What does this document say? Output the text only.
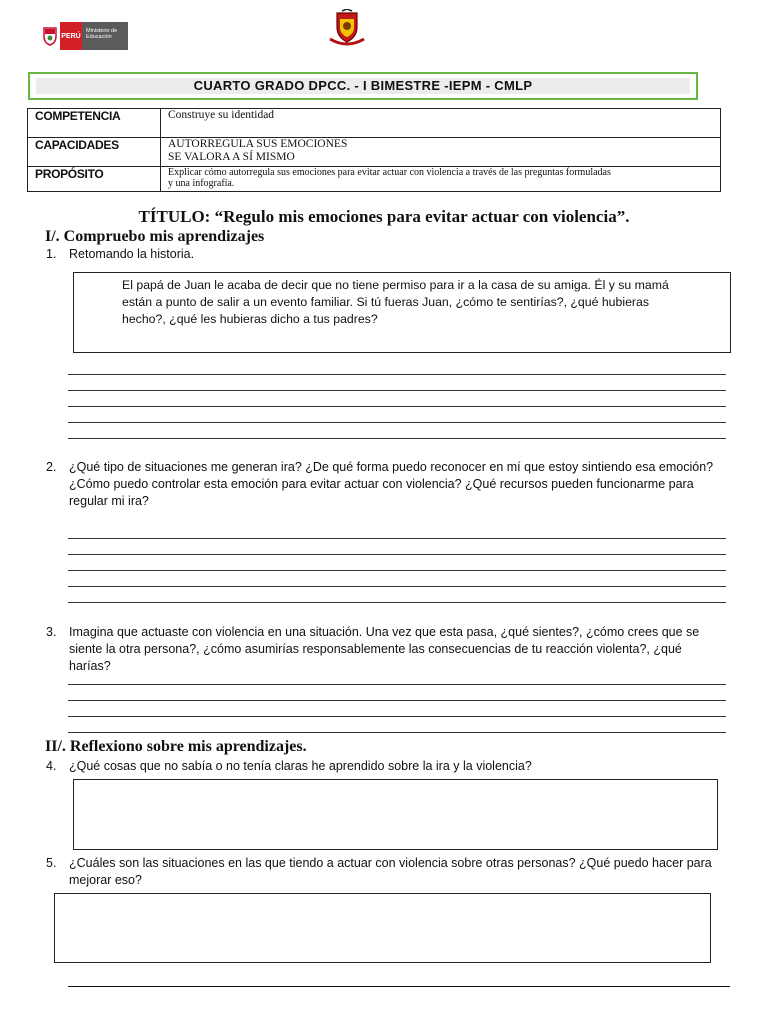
PERÚ
Ministerio de Educación
CUARTO GRADO DPCC. - I BIMESTRE -IEPM - CMLP
COMPETENCIA	Construye su identidad

CAPACIDADES	AUTORREGULA SUS EMOCIONES
SE VALORA A SÍ MISMO

PROPÓSITO	Explicar cómo autorregula sus emociones para evitar actuar con violencia a través de las preguntas formuladas
y una infografía.
TÍTULO: “Regulo mis emociones para evitar actuar con violencia”.
I/. Compruebo mis aprendizajes
1. Retomando la historia.
El papá de Juan le acaba de decir que no tiene permiso para ir a la casa de su amiga. Él y su mamá están a punto de salir a un evento familiar. Si tú fueras Juan, ¿cómo te sentirías?, ¿qué hubieras hecho?, ¿qué les hubieras dicho a tus padres?
2. ¿Qué tipo de situaciones me generan ira? ¿De qué forma puedo reconocer en mí que estoy sintiendo esa emoción? ¿Cómo puedo controlar esta emoción para evitar actuar con violencia? ¿Qué recursos pueden funcionarme para regular mi ira?
3. Imagina que actuaste con violencia en una situación. Una vez que esta pasa, ¿qué sientes?, ¿cómo crees que se siente la otra persona?, ¿cómo asumirías responsablemente las consecuencias de tu reacción violenta?, ¿qué harías?
II/. Reflexiono sobre mis aprendizajes.
4. ¿Qué cosas que no sabía o no tenía claras he aprendido sobre la ira y la violencia?
5. ¿Cuáles son las situaciones en las que tiendo a actuar con violencia sobre otras personas? ¿Qué puedo hacer para mejorar eso?
